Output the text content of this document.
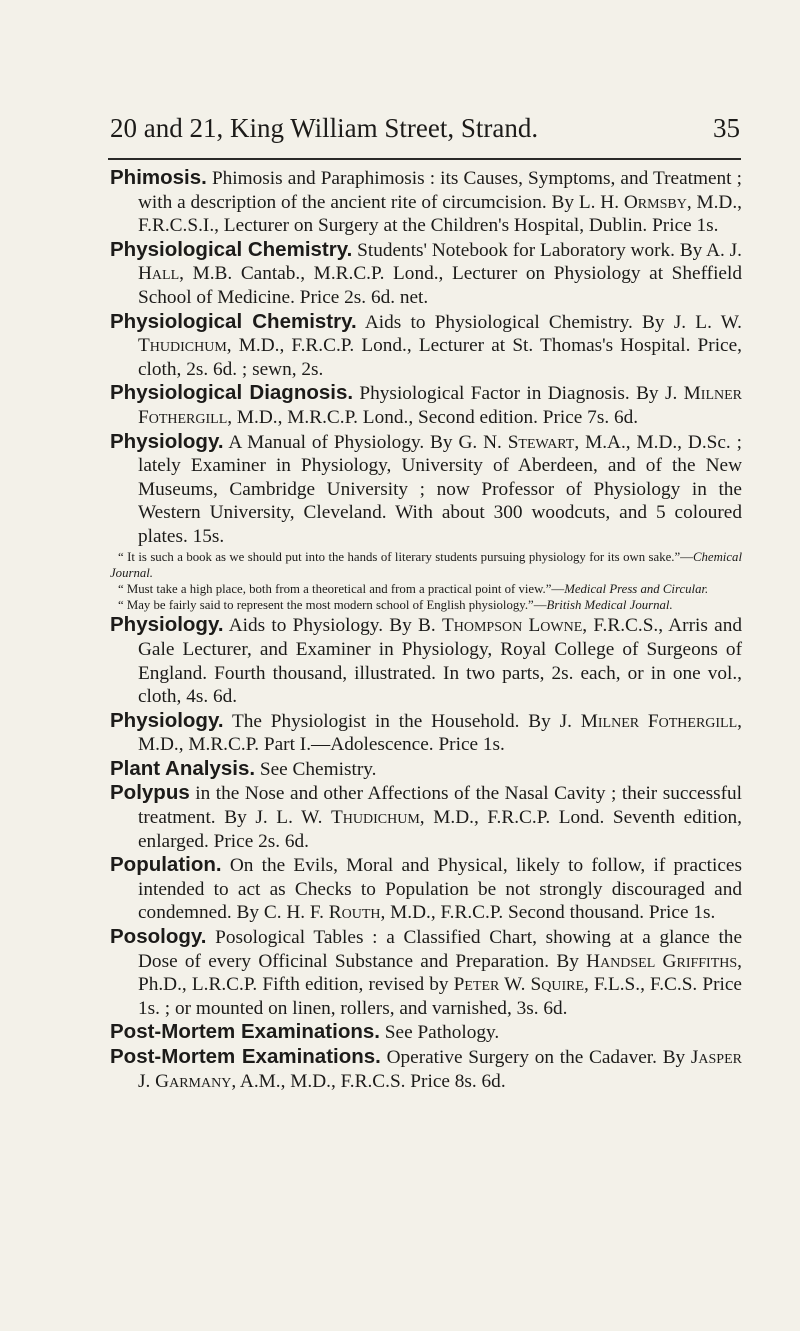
20 and 21, King William Street, Strand.	35
Phimosis. Phimosis and Paraphimosis : its Causes, Symptoms, and Treatment ; with a description of the ancient rite of circumcision. By L. H. Ormsby, M.D., F.R.C.S.I., Lecturer on Surgery at the Children's Hospital, Dublin. Price 1s.
Physiological Chemistry. Students' Notebook for Laboratory work. By A. J. Hall, M.B. Cantab., M.R.C.P. Lond., Lecturer on Physiology at Sheffield School of Medicine. Price 2s. 6d. net.
Physiological Chemistry. Aids to Physiological Chemistry. By J. L. W. Thudichum, M.D., F.R.C.P. Lond., Lecturer at St. Thomas's Hospital. Price, cloth, 2s. 6d. ; sewn, 2s.
Physiological Diagnosis. Physiological Factor in Diagnosis. By J. Milner Fothergill, M.D., M.R.C.P. Lond., Second edition. Price 7s. 6d.
Physiology. A Manual of Physiology. By G. N. Stewart, M.A., M.D., D.Sc. ; lately Examiner in Physiology, University of Aberdeen, and of the New Museums, Cambridge University ; now Professor of Physiology in the Western University, Cleveland. With about 300 woodcuts, and 5 coloured plates. 15s.
“ It is such a book as we should put into the hands of literary students pursuing physiology for its own sake.”—Chemical Journal.
“ Must take a high place, both from a theoretical and from a practical point of view.”—Medical Press and Circular.
“ May be fairly said to represent the most modern school of English physiology.”—British Medical Journal.
Physiology. Aids to Physiology. By B. Thompson Lowne, F.R.C.S., Arris and Gale Lecturer, and Examiner in Physiology, Royal College of Surgeons of England. Fourth thousand, illustrated. In two parts, 2s. each, or in one vol., cloth, 4s. 6d.
Physiology. The Physiologist in the Household. By J. Milner Fothergill, M.D., M.R.C.P. Part I.—Adolescence. Price 1s.
Plant Analysis. See Chemistry.
Polypus in the Nose and other Affections of the Nasal Cavity ; their successful treatment. By J. L. W. Thudichum, M.D., F.R.C.P. Lond. Seventh edition, enlarged. Price 2s. 6d.
Population. On the Evils, Moral and Physical, likely to follow, if practices intended to act as Checks to Population be not strongly discouraged and condemned. By C. H. F. Routh, M.D., F.R.C.P. Second thousand. Price 1s.
Posology. Posological Tables : a Classified Chart, showing at a glance the Dose of every Officinal Substance and Preparation. By Handsel Griffiths, Ph.D., L.R.C.P. Fifth edition, revised by Peter W. Squire, F.L.S., F.C.S. Price 1s. ; or mounted on linen, rollers, and varnished, 3s. 6d.
Post-Mortem Examinations. See Pathology.
Post-Mortem Examinations. Operative Surgery on the Cadaver. By Jasper J. Garmany, A.M., M.D., F.R.C.S. Price 8s. 6d.
